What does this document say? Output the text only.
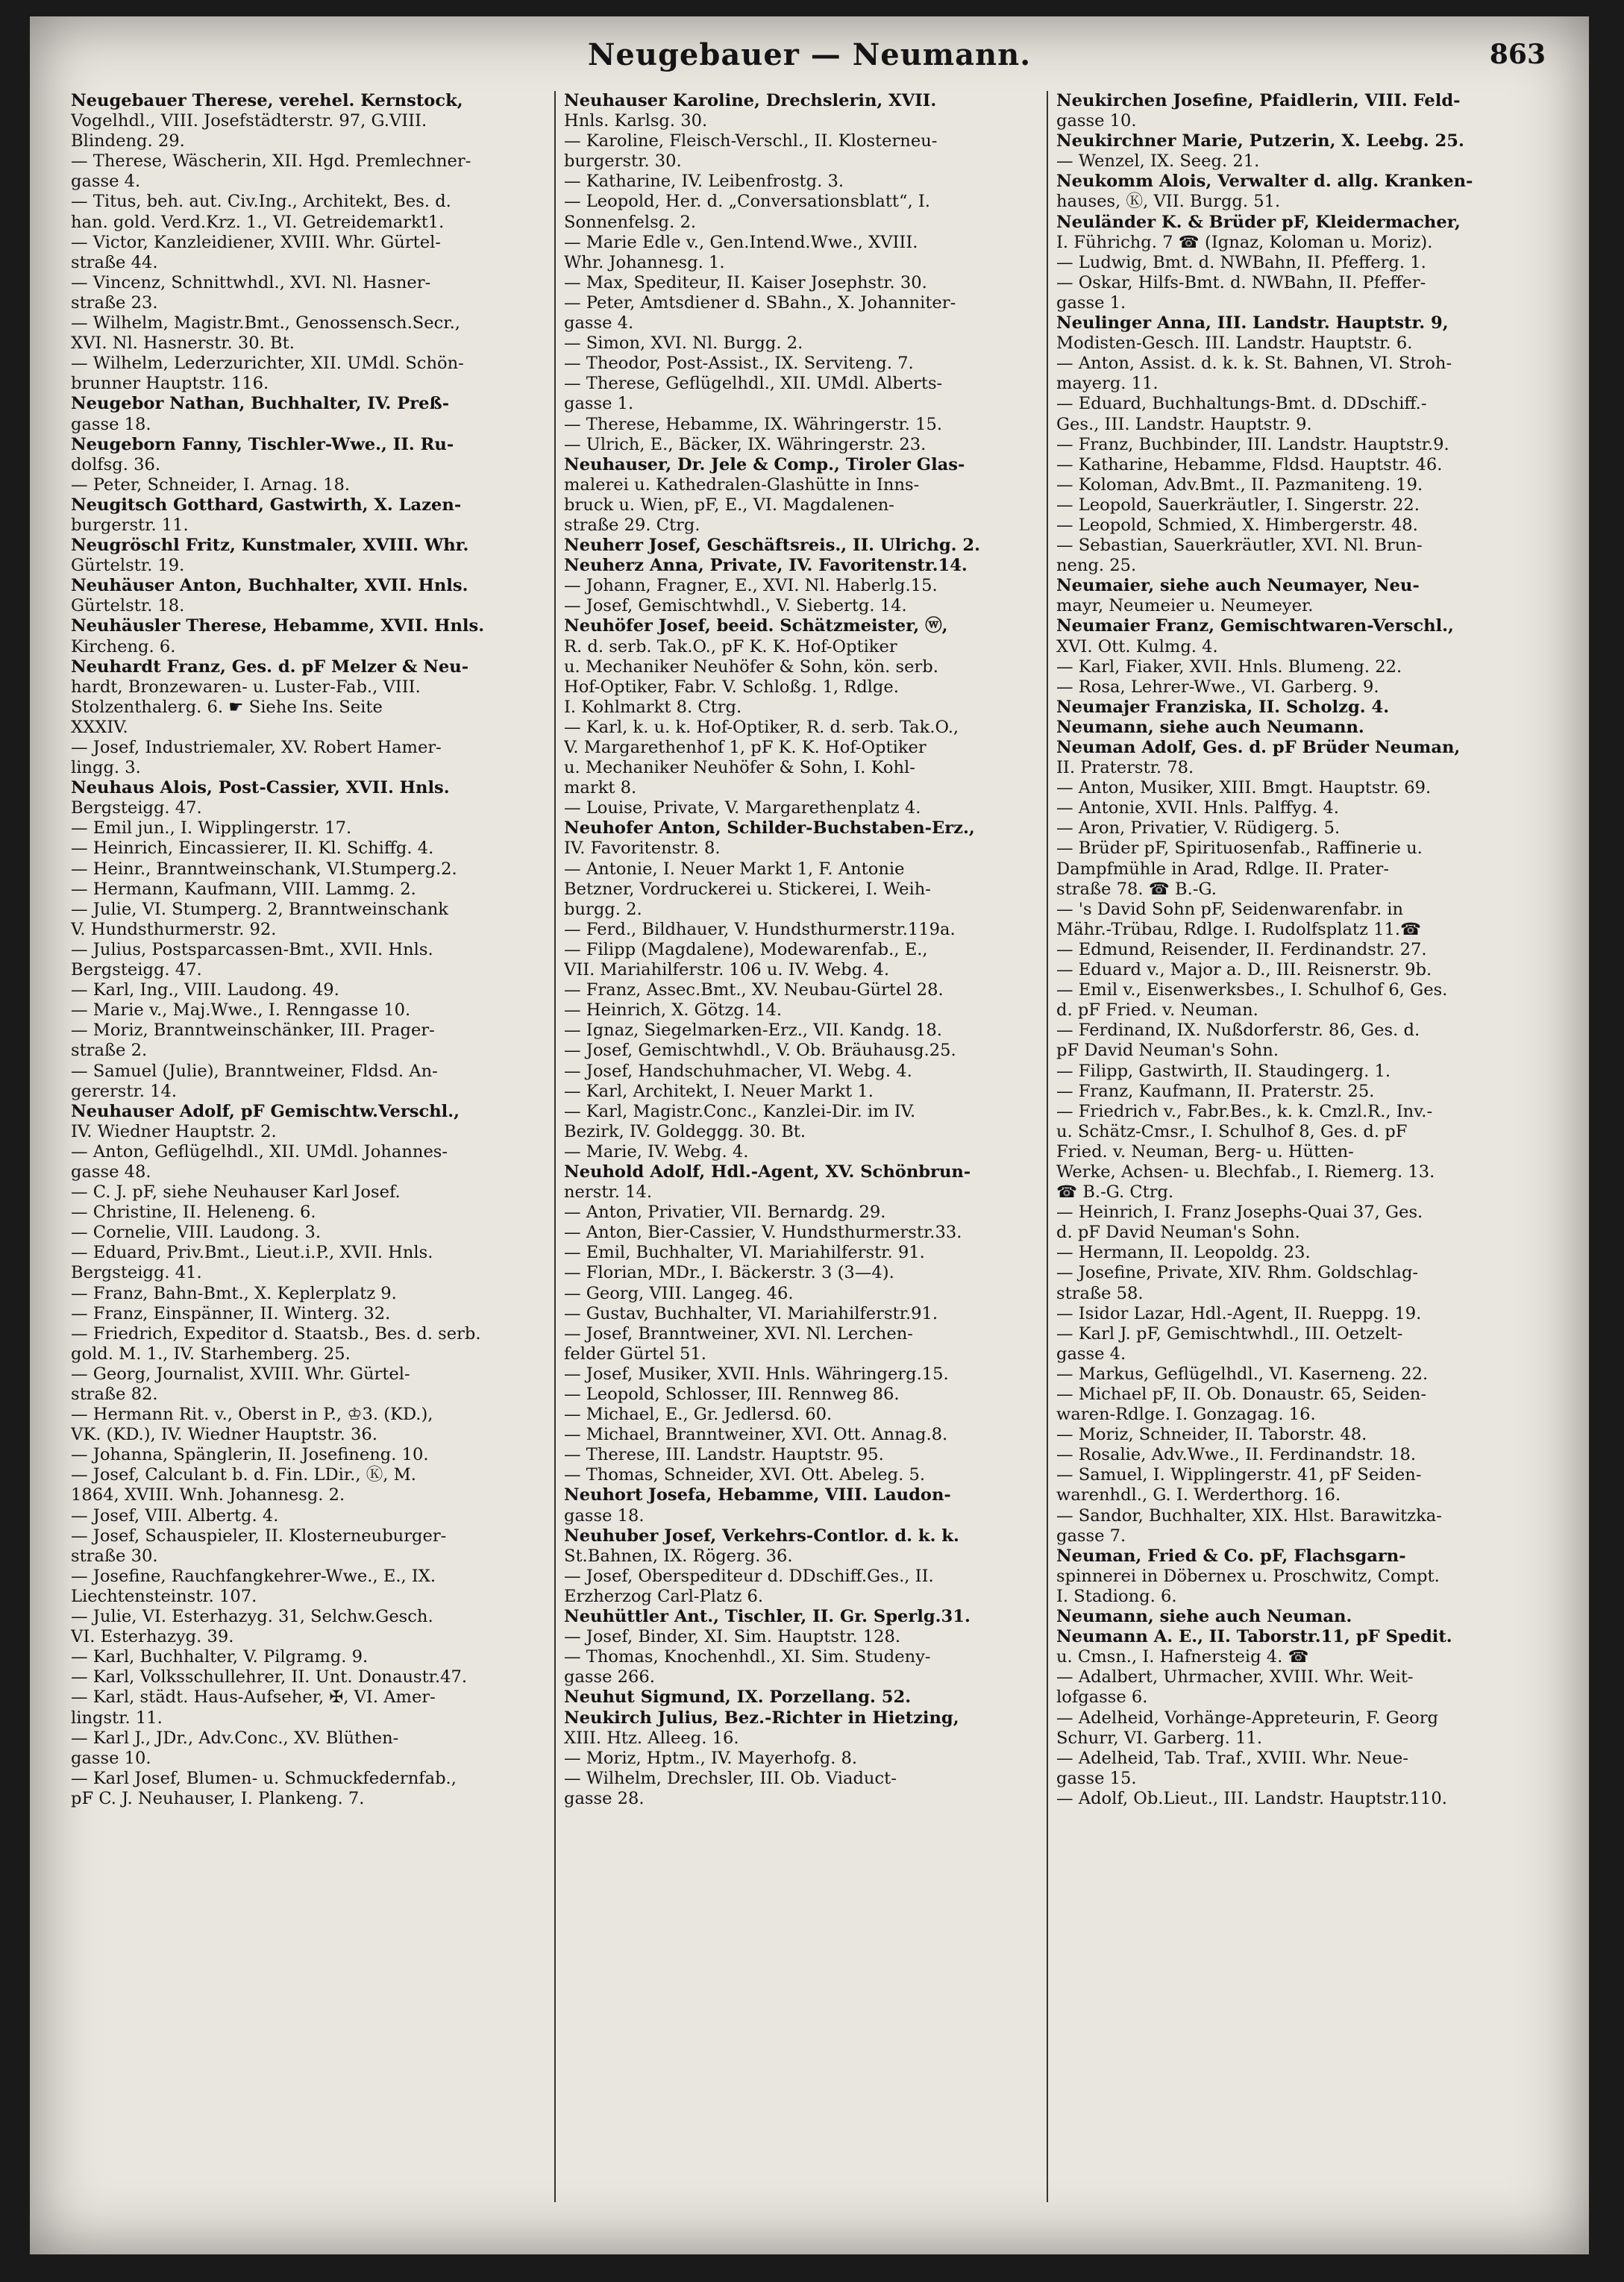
Neugebauer — Neumann.	863
Neugebauer Therese, verehel. Kernstock,
Vogelhdl., VIII. Josefstädterstr. 97, G.VIII.
Blindeng. 29.
— Therese, Wäscherin, XII. Hgd. Premlechner-
gasse 4.
— Titus, beh. aut. Civ.Ing., Architekt, Bes. d.
han. gold. Verd.Krz. 1., VI. Getreidemarkt1.
— Victor, Kanzleidiener, XVIII. Whr. Gürtel-
straße 44.
— Vincenz, Schnittwhdl., XVI. Nl. Hasner-
straße 23.
— Wilhelm, Magistr.Bmt., Genossensch.Secr.,
XVI. Nl. Hasnerstr. 30. Bt.
— Wilhelm, Lederzurichter, XII. UMdl. Schön-
brunner Hauptstr. 116.
Neugebor Nathan, Buchhalter, IV. Preß-
gasse 18.
Neugeborn Fanny, Tischler-Wwe., II. Ru-
dolfsg. 36.
— Peter, Schneider, I. Arnag. 18.
Neugitsch Gotthard, Gastwirth, X. Lazen-
burgerstr. 11.
Neugröschl Fritz, Kunstmaler, XVIII. Whr.
Gürtelstr. 19.
Neuhäuser Anton, Buchhalter, XVII. Hnls.
Gürtelstr. 18.
Neuhäusler Therese, Hebamme, XVII. Hnls.
Kircheng. 6.
Neuhardt Franz, Ges. d. pF Melzer & Neu-
hardt, Bronzewaren- u. Luster-Fab., VIII.
Stolzenthalerg. 6. ☛ Siehe Ins. Seite
XXXIV.
— Josef, Industriemaler, XV. Robert Hamer-
lingg. 3.
Neuhaus Alois, Post-Cassier, XVII. Hnls.
Bergsteigg. 47.
— Emil jun., I. Wipplingerstr. 17.
— Heinrich, Eincassierer, II. Kl. Schiffg. 4.
— Heinr., Branntweinschank, VI.Stumperg.2.
— Hermann, Kaufmann, VIII. Lammg. 2.
— Julie, VI. Stumperg. 2, Branntweinschank
V. Hundsthurmerstr. 92.
— Julius, Postsparcassen-Bmt., XVII. Hnls.
Bergsteigg. 47.
— Karl, Ing., VIII. Laudong. 49.
— Marie v., Maj.Wwe., I. Renngasse 10.
— Moriz, Branntweinschänker, III. Prager-
straße 2.
— Samuel (Julie), Branntweiner, Fldsd. An-
gererstr. 14.
Neuhauser Adolf, pF Gemischtw.Verschl.,
IV. Wiedner Hauptstr. 2.
— Anton, Geflügelhdl., XII. UMdl. Johannes-
gasse 48.
— C. J. pF, siehe Neuhauser Karl Josef.
— Christine, II. Heleneng. 6.
— Cornelie, VIII. Laudong. 3.
— Eduard, Priv.Bmt., Lieut.i.P., XVII. Hnls.
Bergsteigg. 41.
— Franz, Bahn-Bmt., X. Keplerplatz 9.
— Franz, Einspänner, II. Winterg. 32.
— Friedrich, Expeditor d. Staatsb., Bes. d. serb.
gold. M. 1., IV. Starhemberg. 25.
— Georg, Journalist, XVIII. Whr. Gürtel-
straße 82.
— Hermann Rit. v., Oberst in P., ♔3. (KD.),
VK. (KD.), IV. Wiedner Hauptstr. 36.
— Johanna, Spänglerin, II. Josefineng. 10.
— Josef, Calculant b. d. Fin. LDir., Ⓚ, M.
1864, XVIII. Wnh. Johannesg. 2.
— Josef, VIII. Albertg. 4.
— Josef, Schauspieler, II. Klosterneuburger-
straße 30.
— Josefine, Rauchfangkehrer-Wwe., E., IX.
Liechtensteinstr. 107.
— Julie, VI. Esterhazyg. 31, Selchw.Gesch.
VI. Esterhazyg. 39.
— Karl, Buchhalter, V. Pilgramg. 9.
— Karl, Volksschullehrer, II. Unt. Donaustr.47.
— Karl, städt. Haus-Aufseher, ✠, VI. Amer-
lingstr. 11.
— Karl J., JDr., Adv.Conc., XV. Blüthen-
gasse 10.
— Karl Josef, Blumen- u. Schmuckfedernfab.,
pF C. J. Neuhauser, I. Plankeng. 7.
Neuhauser Karoline, Drechslerin, XVII.
Hnls. Karlsg. 30.
— Karoline, Fleisch-Verschl., II. Klosterneu-
burgerstr. 30.
— Katharine, IV. Leibenfrostg. 3.
— Leopold, Her. d. „Conversationsblatt“, I.
Sonnenfelsg. 2.
— Marie Edle v., Gen.Intend.Wwe., XVIII.
Whr. Johannesg. 1.
— Max, Spediteur, II. Kaiser Josephstr. 30.
— Peter, Amtsdiener d. SBahn., X. Johanniter-
gasse 4.
— Simon, XVI. Nl. Burgg. 2.
— Theodor, Post-Assist., IX. Serviteng. 7.
— Therese, Geflügelhdl., XII. UMdl. Alberts-
gasse 1.
— Therese, Hebamme, IX. Währingerstr. 15.
— Ulrich, E., Bäcker, IX. Währingerstr. 23.
Neuhauser, Dr. Jele & Comp., Tiroler Glas-
malerei u. Kathedralen-Glashütte in Inns-
bruck u. Wien, pF, E., VI. Magdalenen-
straße 29. Ctrg.
Neuherr Josef, Geschäftsreis., II. Ulrichg. 2.
Neuherz Anna, Private, IV. Favoritenstr.14.
— Johann, Fragner, E., XVI. Nl. Haberlg.15.
— Josef, Gemischtwhdl., V. Siebertg. 14.
Neuhöfer Josef, beeid. Schätzmeister, ⓦ,
R. d. serb. Tak.O., pF K. K. Hof-Optiker
u. Mechaniker Neuhöfer & Sohn, kön. serb.
Hof-Optiker, Fabr. V. Schloßg. 1, Rdlge.
I. Kohlmarkt 8. Ctrg.
— Karl, k. u. k. Hof-Optiker, R. d. serb. Tak.O.,
V. Margarethenhof 1, pF K. K. Hof-Optiker
u. Mechaniker Neuhöfer & Sohn, I. Kohl-
markt 8.
— Louise, Private, V. Margarethenplatz 4.
Neuhofer Anton, Schilder-Buchstaben-Erz.,
IV. Favoritenstr. 8.
— Antonie, I. Neuer Markt 1, F. Antonie
Betzner, Vordruckerei u. Stickerei, I. Weih-
burgg. 2.
— Ferd., Bildhauer, V. Hundsthurmerstr.119a.
— Filipp (Magdalene), Modewarenfab., E.,
VII. Mariahilferstr. 106 u. IV. Webg. 4.
— Franz, Assec.Bmt., XV. Neubau-Gürtel 28.
— Heinrich, X. Götzg. 14.
— Ignaz, Siegelmarken-Erz., VII. Kandg. 18.
— Josef, Gemischtwhdl., V. Ob. Bräuhausg.25.
— Josef, Handschuhmacher, VI. Webg. 4.
— Karl, Architekt, I. Neuer Markt 1.
— Karl, Magistr.Conc., Kanzlei-Dir. im IV.
Bezirk, IV. Goldeggg. 30. Bt.
— Marie, IV. Webg. 4.
Neuhold Adolf, Hdl.-Agent, XV. Schönbrun-
nerstr. 14.
— Anton, Privatier, VII. Bernardg. 29.
— Anton, Bier-Cassier, V. Hundsthurmerstr.33.
— Emil, Buchhalter, VI. Mariahilferstr. 91.
— Florian, MDr., I. Bäckerstr. 3 (3—4).
— Georg, VIII. Langeg. 46.
— Gustav, Buchhalter, VI. Mariahilferstr.91.
— Josef, Branntweiner, XVI. Nl. Lerchen-
felder Gürtel 51.
— Josef, Musiker, XVII. Hnls. Währingerg.15.
— Leopold, Schlosser, III. Rennweg 86.
— Michael, E., Gr. Jedlersd. 60.
— Michael, Branntweiner, XVI. Ott. Annag.8.
— Therese, III. Landstr. Hauptstr. 95.
— Thomas, Schneider, XVI. Ott. Abeleg. 5.
Neuhort Josefa, Hebamme, VIII. Laudon-
gasse 18.
Neuhuber Josef, Verkehrs-Contlor. d. k. k.
St.Bahnen, IX. Rögerg. 36.
— Josef, Oberspediteur d. DDschiff.Ges., II.
Erzherzog Carl-Platz 6.
Neuhüttler Ant., Tischler, II. Gr. Sperlg.31.
— Josef, Binder, XI. Sim. Hauptstr. 128.
— Thomas, Knochenhdl., XI. Sim. Studeny-
gasse 266.
Neuhut Sigmund, IX. Porzellang. 52.
Neukirch Julius, Bez.-Richter in Hietzing,
XIII. Htz. Alleeg. 16.
— Moriz, Hptm., IV. Mayerhofg. 8.
— Wilhelm, Drechsler, III. Ob. Viaduct-
gasse 28.
Neukirchen Josefine, Pfaidlerin, VIII. Feld-
gasse 10.
Neukirchner Marie, Putzerin, X. Leebg. 25.
— Wenzel, IX. Seeg. 21.
Neukomm Alois, Verwalter d. allg. Kranken-
hauses, Ⓚ, VII. Burgg. 51.
Neuländer K. & Brüder pF, Kleidermacher,
I. Führichg. 7 ☎ (Ignaz, Koloman u. Moriz).
— Ludwig, Bmt. d. NWBahn, II. Pfefferg. 1.
— Oskar, Hilfs-Bmt. d. NWBahn, II. Pfeffer-
gasse 1.
Neulinger Anna, III. Landstr. Hauptstr. 9,
Modisten-Gesch. III. Landstr. Hauptstr. 6.
— Anton, Assist. d. k. k. St. Bahnen, VI. Stroh-
mayerg. 11.
— Eduard, Buchhaltungs-Bmt. d. DDschiff.-
Ges., III. Landstr. Hauptstr. 9.
— Franz, Buchbinder, III. Landstr. Hauptstr.9.
— Katharine, Hebamme, Fldsd. Hauptstr. 46.
— Koloman, Adv.Bmt., II. Pazmaniteng. 19.
— Leopold, Sauerkräutler, I. Singerstr. 22.
— Leopold, Schmied, X. Himbergerstr. 48.
— Sebastian, Sauerkräutler, XVI. Nl. Brun-
neng. 25.
Neumaier, siehe auch Neumayer, Neu-
mayr, Neumeier u. Neumeyer.
Neumaier Franz, Gemischtwaren-Verschl.,
XVI. Ott. Kulmg. 4.
— Karl, Fiaker, XVII. Hnls. Blumeng. 22.
— Rosa, Lehrer-Wwe., VI. Garberg. 9.
Neumajer Franziska, II. Scholzg. 4.
Neumann, siehe auch Neumann.
Neuman Adolf, Ges. d. pF Brüder Neuman,
II. Praterstr. 78.
— Anton, Musiker, XIII. Bmgt. Hauptstr. 69.
— Antonie, XVII. Hnls. Palffyg. 4.
— Aron, Privatier, V. Rüdigerg. 5.
— Brüder pF, Spirituosenfab., Raffinerie u.
Dampfmühle in Arad, Rdlge. II. Prater-
straße 78. ☎ B.-G.
— 's David Sohn pF, Seidenwarenfabr. in
Mähr.-Trübau, Rdlge. I. Rudolfsplatz 11.☎
— Edmund, Reisender, II. Ferdinandstr. 27.
— Eduard v., Major a. D., III. Reisnerstr. 9b.
— Emil v., Eisenwerksbes., I. Schulhof 6, Ges.
d. pF Fried. v. Neuman.
— Ferdinand, IX. Nußdorferstr. 86, Ges. d.
pF David Neuman's Sohn.
— Filipp, Gastwirth, II. Staudingerg. 1.
— Franz, Kaufmann, II. Praterstr. 25.
— Friedrich v., Fabr.Bes., k. k. Cmzl.R., Inv.-
u. Schätz-Cmsr., I. Schulhof 8, Ges. d. pF
Fried. v. Neuman, Berg- u. Hütten-
Werke, Achsen- u. Blechfab., I. Riemerg. 13.
☎ B.-G. Ctrg.
— Heinrich, I. Franz Josephs-Quai 37, Ges.
d. pF David Neuman's Sohn.
— Hermann, II. Leopoldg. 23.
— Josefine, Private, XIV. Rhm. Goldschlag-
straße 58.
— Isidor Lazar, Hdl.-Agent, II. Rueppg. 19.
— Karl J. pF, Gemischtwhdl., III. Oetzelt-
gasse 4.
— Markus, Geflügelhdl., VI. Kaserneng. 22.
— Michael pF, II. Ob. Donaustr. 65, Seiden-
waren-Rdlge. I. Gonzagag. 16.
— Moriz, Schneider, II. Taborstr. 48.
— Rosalie, Adv.Wwe., II. Ferdinandstr. 18.
— Samuel, I. Wipplingerstr. 41, pF Seiden-
warenhdl., G. I. Werderthorg. 16.
— Sandor, Buchhalter, XIX. Hlst. Barawitzka-
gasse 7.
Neuman, Fried & Co. pF, Flachsgarn-
spinnerei in Döbernex u. Proschwitz, Compt.
I. Stadiong. 6.
Neumann, siehe auch Neuman.
Neumann A. E., II. Taborstr.11, pF Spedit.
u. Cmsn., I. Hafnersteig 4. ☎
— Adalbert, Uhrmacher, XVIII. Whr. Weit-
lofgasse 6.
— Adelheid, Vorhänge-Appreteurin, F. Georg
Schurr, VI. Garberg. 11.
— Adelheid, Tab. Traf., XVIII. Whr. Neue-
gasse 15.
— Adolf, Ob.Lieut., III. Landstr. Hauptstr.110.
